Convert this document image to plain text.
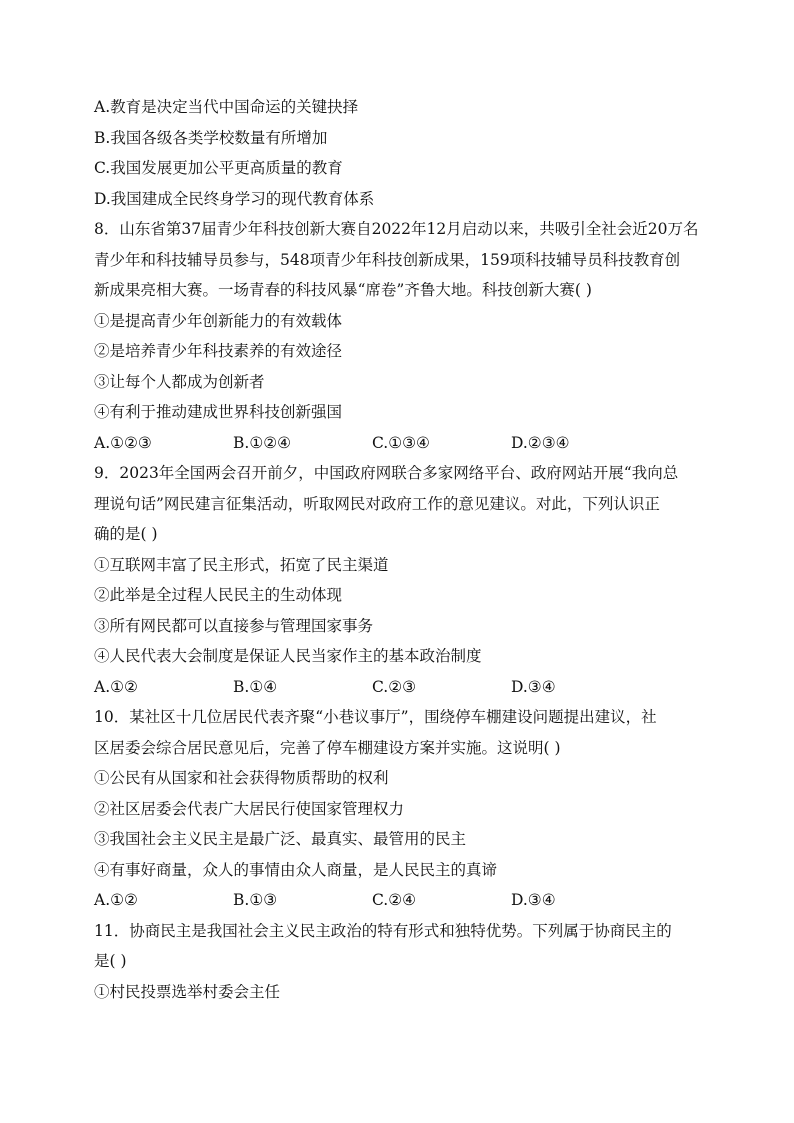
A.教育是决定当代中国命运的关键抉择

B.我国各级各类学校数量有所增加

C.我国发展更加公平更高质量的教育

D.我国建成全民终身学习的现代教育体系

8．山东省第37届青少年科技创新大赛自2022年12月启动以来，共吸引全社会近20万名

青少年和科技辅导员参与，548项青少年科技创新成果，159项科技辅导员科技教育创

新成果亮相大赛。一场青春的科技风暴“席卷”齐鲁大地。科技创新大赛( )

①是提高青少年创新能力的有效载体

②是培养青少年科技素养的有效途径

③让每个人都成为创新者

④有利于推动建成世界科技创新强国

A.①②③	B.①②④	C.①③④	D.②③④

9．2023年全国两会召开前夕，中国政府网联合多家网络平台、政府网站开展“我向总

理说句话”网民建言征集活动，听取网民对政府工作的意见建议。对此，下列认识正

确的是( )

①互联网丰富了民主形式，拓宽了民主渠道

②此举是全过程人民民主的生动体现

③所有网民都可以直接参与管理国家事务

④人民代表大会制度是保证人民当家作主的基本政治制度

A.①②	B.①④	C.②③	D.③④

10．某社区十几位居民代表齐聚“小巷议事厅”，围绕停车棚建设问题提出建议，社

区居委会综合居民意见后，完善了停车棚建设方案并实施。这说明( )

①公民有从国家和社会获得物质帮助的权利

②社区居委会代表广大居民行使国家管理权力

③我国社会主义民主是最广泛、最真实、最管用的民主

④有事好商量，众人的事情由众人商量，是人民民主的真谛

A.①②	B.①③	C.②④	D.③④

11．协商民主是我国社会主义民主政治的特有形式和独特优势。下列属于协商民主的

是( )

①村民投票选举村委会主任
